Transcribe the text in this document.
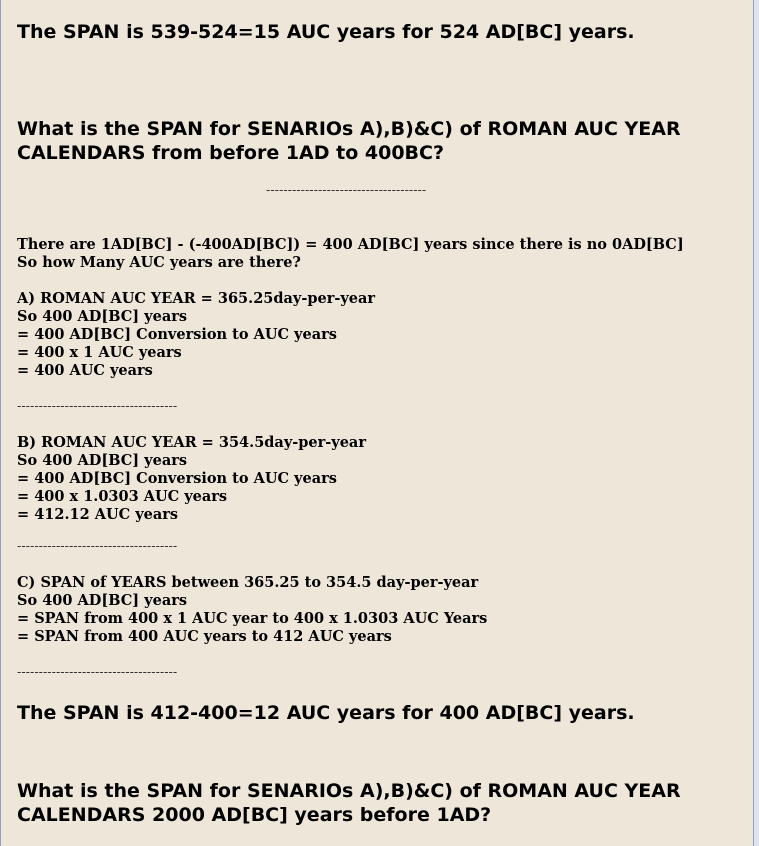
The SPAN is 539-524=15 AUC years for 524 AD[BC] years.

What is the SPAN for SENARIOs A),B)&C) of ROMAN AUC YEAR

CALENDARS from before 1AD to 400BC?

-------------------------------------

There are 1AD[BC] - (-400AD[BC]) = 400 AD[BC] years since there is no 0AD[BC]

So how Many AUC years are there?

A) ROMAN AUC YEAR = 365.25day-per-year

So 400 AD[BC] years

= 400 AD[BC] Conversion to AUC years

= 400 x 1 AUC years

= 400 AUC years

-------------------------------------

B) ROMAN AUC YEAR = 354.5day-per-year

So 400 AD[BC] years

= 400 AD[BC] Conversion to AUC years

= 400 x 1.0303 AUC years

= 412.12 AUC years

-------------------------------------

C) SPAN of YEARS between 365.25 to 354.5 day-per-year

So 400 AD[BC] years

= SPAN from 400 x 1 AUC year to 400 x 1.0303 AUC Years

= SPAN from 400 AUC years to 412 AUC years

-------------------------------------

The SPAN is 412-400=12 AUC years for 400 AD[BC] years.

What is the SPAN for SENARIOs A),B)&C) of ROMAN AUC YEAR

CALENDARS 2000 AD[BC] years before 1AD?
